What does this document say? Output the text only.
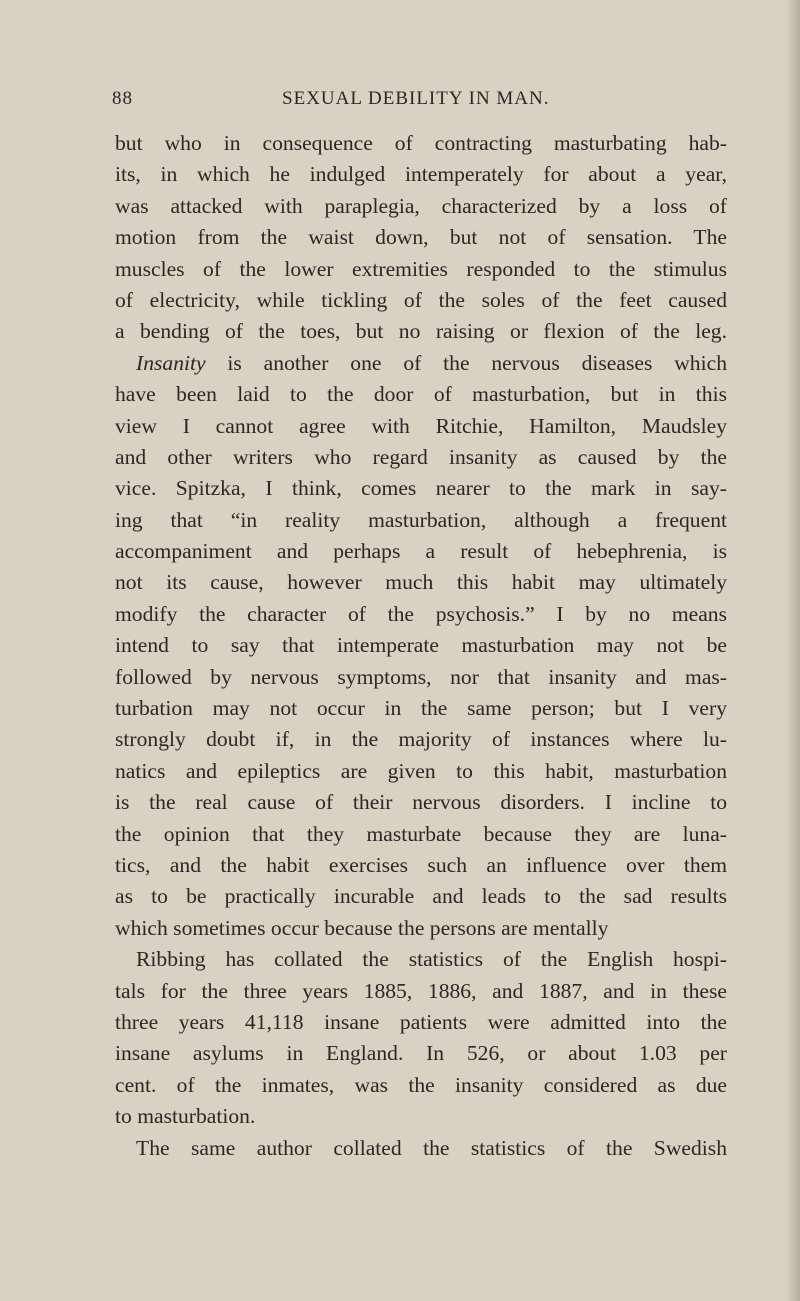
88	SEXUAL DEBILITY IN MAN.
but who in consequence of contracting masturbating hab-
its, in which he indulged intemperately for about a year,
was attacked with paraplegia, characterized by a loss of
motion from the waist down, but not of sensation. The
muscles of the lower extremities responded to the stimulus
of electricity, while tickling of the soles of the feet caused
a bending of the toes, but no raising or flexion of the leg.
Insanity is another one of the nervous diseases which
have been laid to the door of masturbation, but in this
view I cannot agree with Ritchie, Hamilton, Maudsley
and other writers who regard insanity as caused by the
vice. Spitzka, I think, comes nearer to the mark in say-
ing that “in reality masturbation, although a frequent
accompaniment and perhaps a result of hebephrenia, is
not its cause, however much this habit may ultimately
modify the character of the psychosis.” I by no means
intend to say that intemperate masturbation may not be
followed by nervous symptoms, nor that insanity and mas-
turbation may not occur in the same person; but I very
strongly doubt if, in the majority of instances where lu-
natics and epileptics are given to this habit, masturbation
is the real cause of their nervous disorders. I incline to
the opinion that they masturbate because they are luna-
tics, and the habit exercises such an influence over them
as to be practically incurable and leads to the sad results
which sometimes occur because the persons are mentally
Ribbing has collated the statistics of the English hospi-
tals for the three years 1885, 1886, and 1887, and in these
three years 41,118 insane patients were admitted into the
insane asylums in England. In 526, or about 1.03 per
cent. of the inmates, was the insanity considered as due
to masturbation.
The same author collated the statistics of the Swedish
